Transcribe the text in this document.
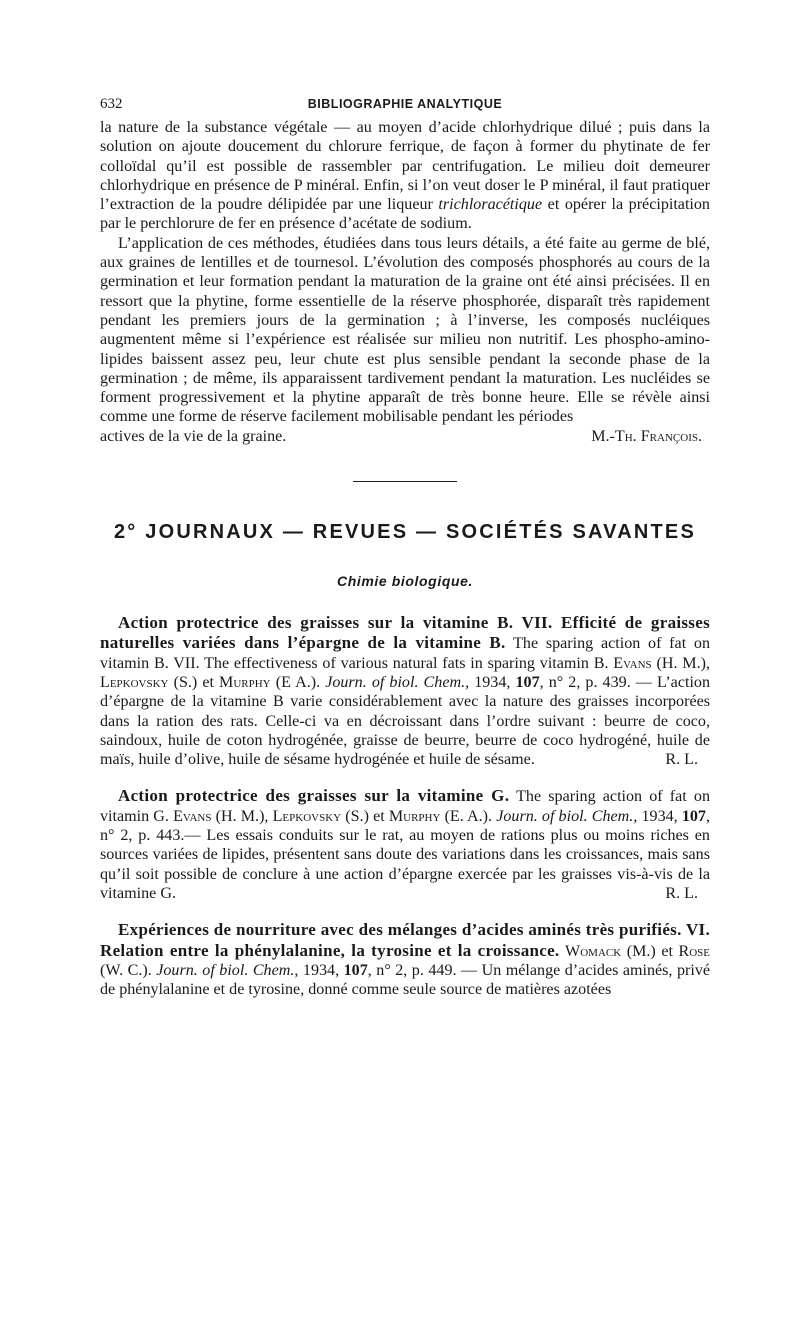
632	BIBLIOGRAPHIE ANALYTIQUE

la nature de la substance végétale — au moyen d’acide chlorhydrique dilué ; puis dans la solution on ajoute doucement du chlorure ferrique, de façon à former du phytinate de fer colloïdal qu’il est possible de rassembler par centrifugation. Le milieu doit demeurer chlorhydrique en présence de P minéral. Enfin, si l’on veut doser le P minéral, il faut pratiquer l’extraction de la poudre délipidée par une liqueur trichloracétique et opérer la précipitation par le perchlorure de fer en présence d’acétate de sodium.

L’application de ces méthodes, étudiées dans tous leurs détails, a été faite au germe de blé, aux graines de lentilles et de tournesol. L’évolution des composés phosphorés au cours de la germination et leur formation pendant la maturation de la graine ont été ainsi précisées. Il en ressort que la phytine, forme essentielle de la réserve phosphorée, disparaît très rapidement pendant les premiers jours de la germination ; à l’inverse, les composés nucléiques augmentent même si l’expérience est réalisée sur milieu non nutritif. Les phospho-amino-lipides baissent assez peu, leur chute est plus sensible pendant la seconde phase de la germination ; de même, ils apparaissent tardivement pendant la maturation. Les nucléides se forment progressivement et la phytine apparaît de très bonne heure. Elle se révèle ainsi comme une forme de réserve facilement mobilisable pendant les périodes

actives de la vie de la graine.	M.-Th. François.

2° JOURNAUX — REVUES — SOCIÉTÉS SAVANTES
Chimie biologique.

Action protectrice des graisses sur la vitamine B. VII. Efficité de graisses naturelles variées dans l’épargne de la vitamine B. The sparing action of fat on vitamin B. VII. The effectiveness of various natural fats in sparing vitamin B. Evans (H. M.), Lepkovsky (S.) et Murphy (E A.). Journ. of biol. Chem., 1934, 107, n° 2, p. 439. — L’action d’épargne de la vitamine B varie considérablement avec la nature des graisses incorporées dans la ration des rats. Celle-ci va en décroissant dans l’ordre suivant : beurre de coco, saindoux, huile de coton hydrogénée, graisse de beurre, beurre de coco hydrogéné, huile de maïs, huile d’olive, huile de sésame hydrogénée et huile de sésame.	R. L.

Action protectrice des graisses sur la vitamine G. The sparing action of fat on vitamin G. Evans (H. M.), Lepkovsky (S.) et Murphy (E. A.). Journ. of biol. Chem., 1934, 107, n° 2, p. 443.— Les essais conduits sur le rat, au moyen de rations plus ou moins riches en sources variées de lipides, présentent sans doute des variations dans les croissances, mais sans qu’il soit possible de conclure à une action d’épargne exercée par les graisses vis-à-vis de la vitamine G.	R. L.

Expériences de nourriture avec des mélanges d’acides aminés très purifiés. VI. Relation entre la phénylalanine, la tyrosine et la croissance. Womack (M.) et Rose (W. C.). Journ. of biol. Chem., 1934, 107, n° 2, p. 449. — Un mélange d’acides aminés, privé de phénylalanine et de tyrosine, donné comme seule source de matières azotées
